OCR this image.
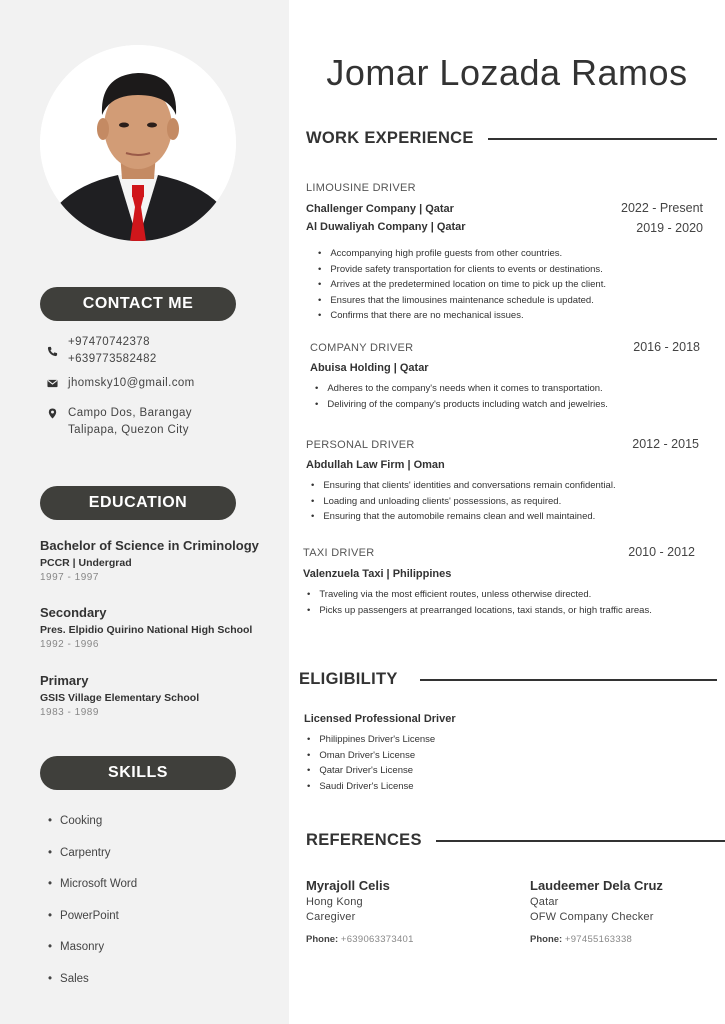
CONTACT ME
+97470742378
+639773582482
jhomsky10@gmail.com
Campo Dos, Barangay
Talipapa, Quezon City
EDUCATION
Bachelor of Science in Criminology
PCCR | Undergrad
1997 - 1997
Secondary
Pres. Elpidio Quirino National High School
1992 - 1996
Primary
GSIS Village Elementary School
1983 - 1989
SKILLS
• Cooking
• Carpentry
• Microsoft Word
• PowerPoint
• Masonry
• Sales
Jomar Lozada Ramos
WORK EXPERIENCE
LIMOUSINE DRIVER
Challenger Company | Qatar	2022 - Present
Al Duwaliyah Company | Qatar	2019 - 2020
• Accompanying high profile guests from other countries.
• Provide safety transportation for clients to events or destinations.
• Arrives at the predetermined location on time to pick up the client.
• Ensures that the limousines maintenance schedule is updated.
• Confirms that there are no mechanical issues.
COMPANY DRIVER	2016 - 2018
Abuisa Holding | Qatar
• Adheres to the company's needs when it comes to transportation.
• Deliviring of the company's products including watch and jewelries.
PERSONAL DRIVER	2012 - 2015
Abdullah Law Firm | Oman
• Ensuring that clients' identities and conversations remain confidential.
• Loading and unloading clients' possessions, as required.
• Ensuring that the automobile remains clean and well maintained.
TAXI DRIVER	2010 - 2012
Valenzuela Taxi | Philippines
• Traveling via the most efficient routes, unless otherwise directed.
• Picks up passengers at prearranged locations, taxi stands, or high traffic areas.
ELIGIBILITY
Licensed Professional Driver
• Philippines Driver's License
• Oman Driver's License
• Qatar Driver's License
• Saudi Driver's License
REFERENCES
Myrajoll Celis
Hong Kong
Caregiver
Phone: +639063373401
Laudeemer Dela Cruz
Qatar
OFW Company Checker
Phone: +97455163338
